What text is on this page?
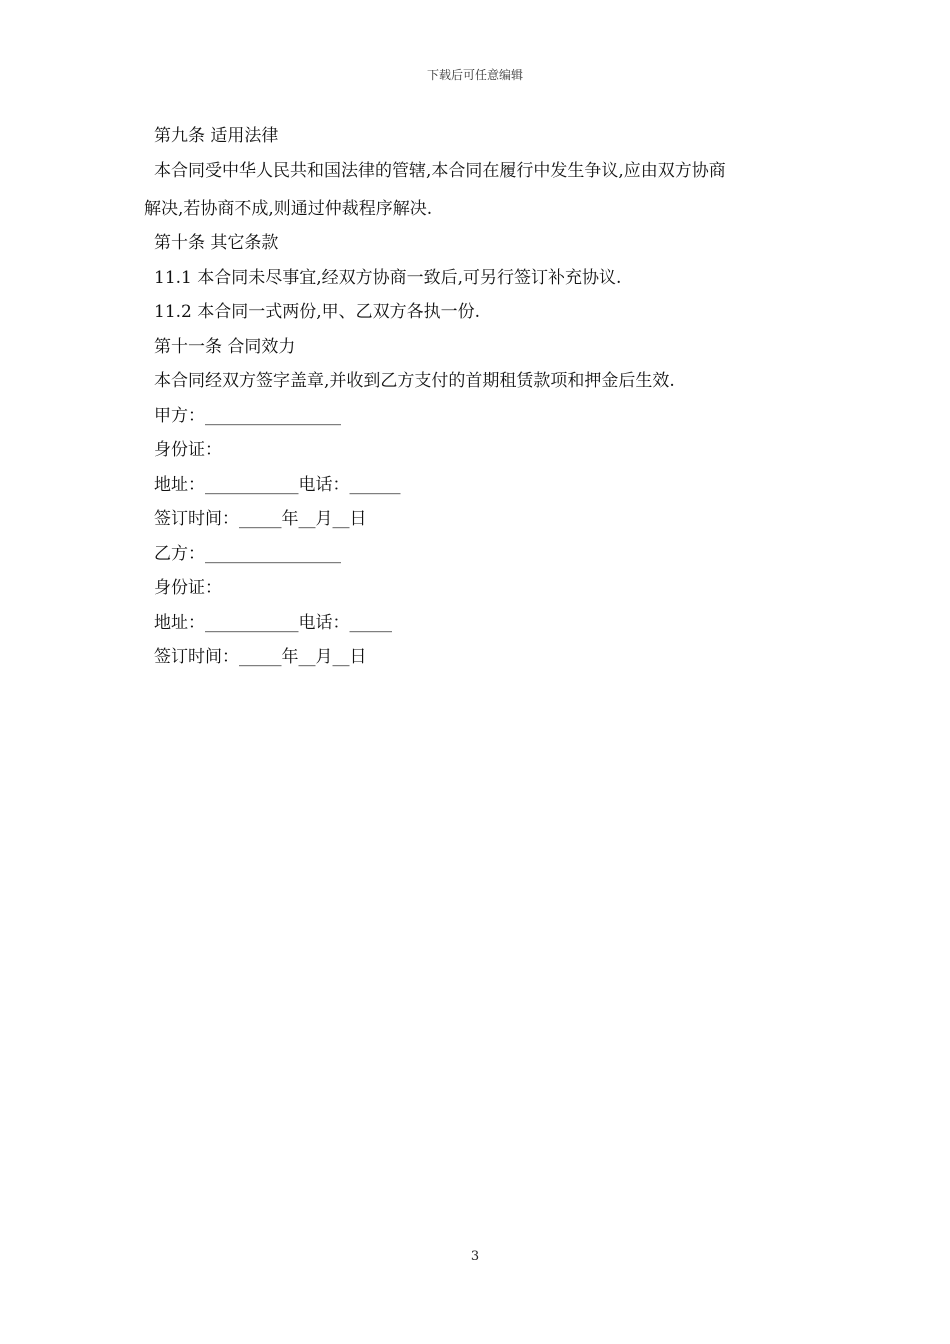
下载后可任意编辑
第九条 适用法律
本合同受中华人民共和国法律的管辖,本合同在履行中发生争议,应由双方协商
解决,若协商不成,则通过仲裁程序解决.
第十条 其它条款
11.1 本合同未尽事宜,经双方协商一致后,可另行签订补充协议.
11.2 本合同一式两份,甲、乙双方各执一份.
第十一条 合同效力
本合同经双方签字盖章,并收到乙方支付的首期租赁款项和押金后生效.
甲方：________________
身份证：
地址：___________电话：______
签订时间：_____年__月__日
乙方：________________
身份证：
地址：___________电话：_____
签订时间：_____年__月__日
3
